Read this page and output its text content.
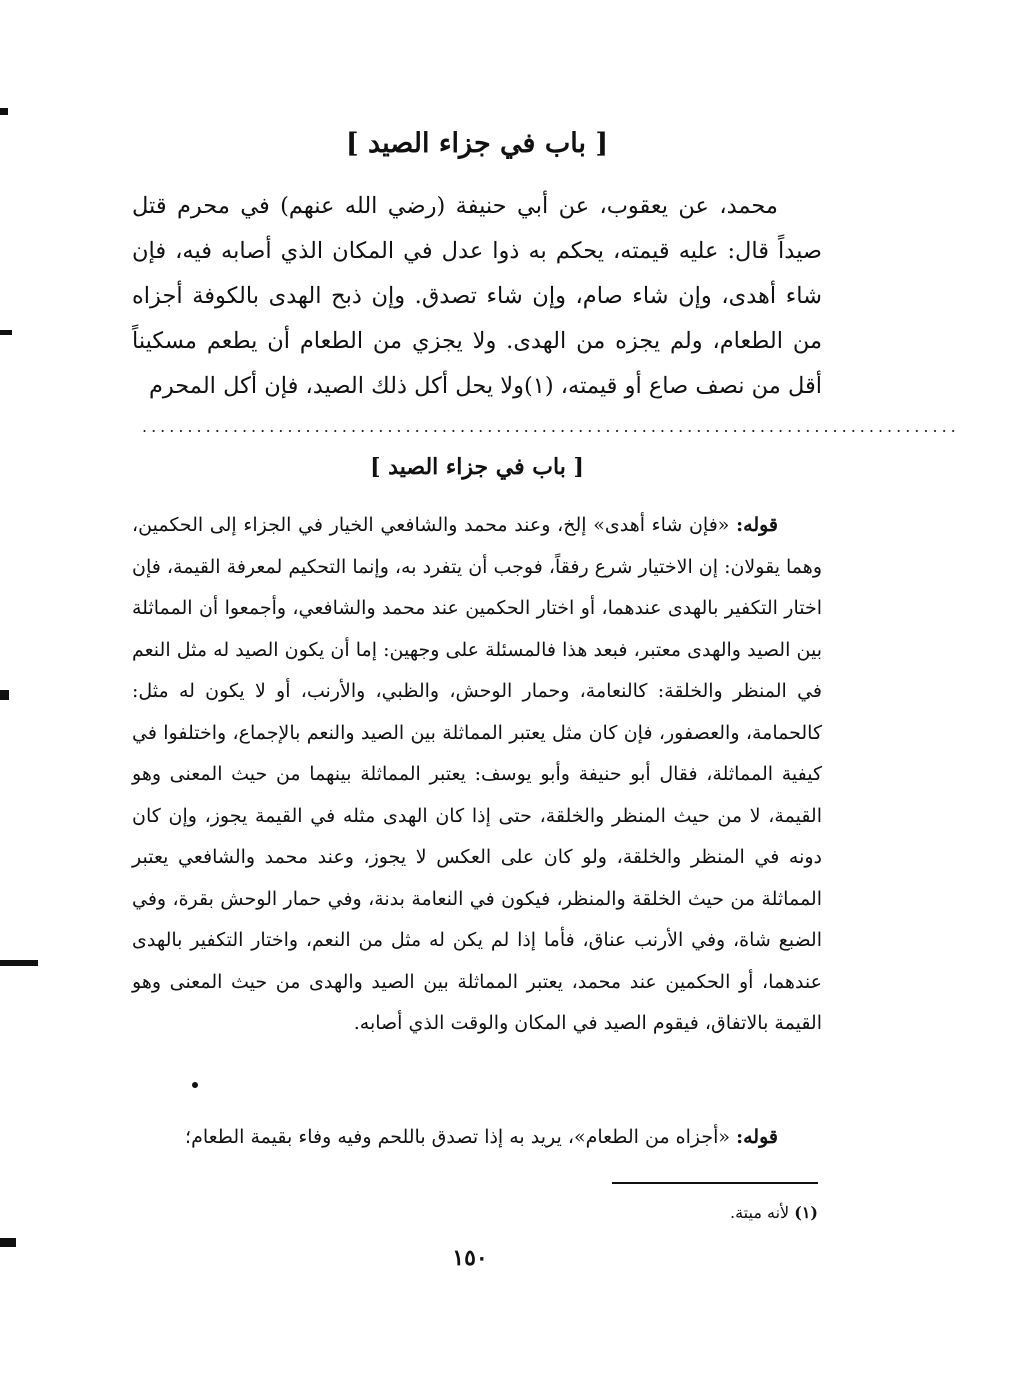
[ باب في جزاء الصيد ]

محمد، عن يعقوب، عن أبي حنيفة (رضي الله عنهم) في محرم قتل صيداً قال: عليه قيمته، يحكم به ذوا عدل في المكان الذي أصابه فيه، فإن شاء أهدى، وإن شاء صام، وإن شاء تصدق. وإن ذبح الهدى بالكوفة أجزاه من الطعام، ولم يجزه من الهدى. ولا يجزي من الطعام أن يطعم مسكيناً أقل من نصف صاع أو قيمته، (١)ولا يحل أكل ذلك الصيد، فإن أكل المحرم

..........................................................................................
[ باب في جزاء الصيد ]

قوله: «فإن شاء أهدى» إلخ، وعند محمد والشافعي الخيار في الجزاء إلى الحكمين، وهما يقولان: إن الاختيار شرع رفقاً، فوجب أن يتفرد به، وإنما التحكيم لمعرفة القيمة، فإن اختار التكفير بالهدى عندهما، أو اختار الحكمين عند محمد والشافعي، وأجمعوا أن المماثلة بين الصيد والهدى معتبر، فبعد هذا فالمسئلة على وجهين: إما أن يكون الصيد له مثل النعم في المنظر والخلقة: كالنعامة، وحمار الوحش، والظبي، والأرنب، أو لا يكون له مثل: كالحمامة، والعصفور، فإن كان مثل يعتبر المماثلة بين الصيد والنعم بالإجماع، واختلفوا في كيفية المماثلة، فقال أبو حنيفة وأبو يوسف: يعتبر المماثلة بينهما من حيث المعنى وهو القيمة، لا من حيث المنظر والخلقة، حتى إذا كان الهدى مثله في القيمة يجوز، وإن كان دونه في المنظر والخلقة، ولو كان على العكس لا يجوز، وعند محمد والشافعي يعتبر المماثلة من حيث الخلقة والمنظر، فيكون في النعامة بدنة، وفي حمار الوحش بقرة، وفي الضبع شاة، وفي الأرنب عناق، فأما إذا لم يكن له مثل من النعم، واختار التكفير بالهدى عندهما، أو الحكمين عند محمد، يعتبر المماثلة بين الصيد والهدى من حيث المعنى وهو القيمة بالاتفاق، فيقوم الصيد في المكان والوقت الذي أصابه.

قوله: «أجزاه من الطعام»، يريد به إذا تصدق باللحم وفيه وفاء بقيمة الطعام؛

(١) لأنه ميتة.
١٥٠
